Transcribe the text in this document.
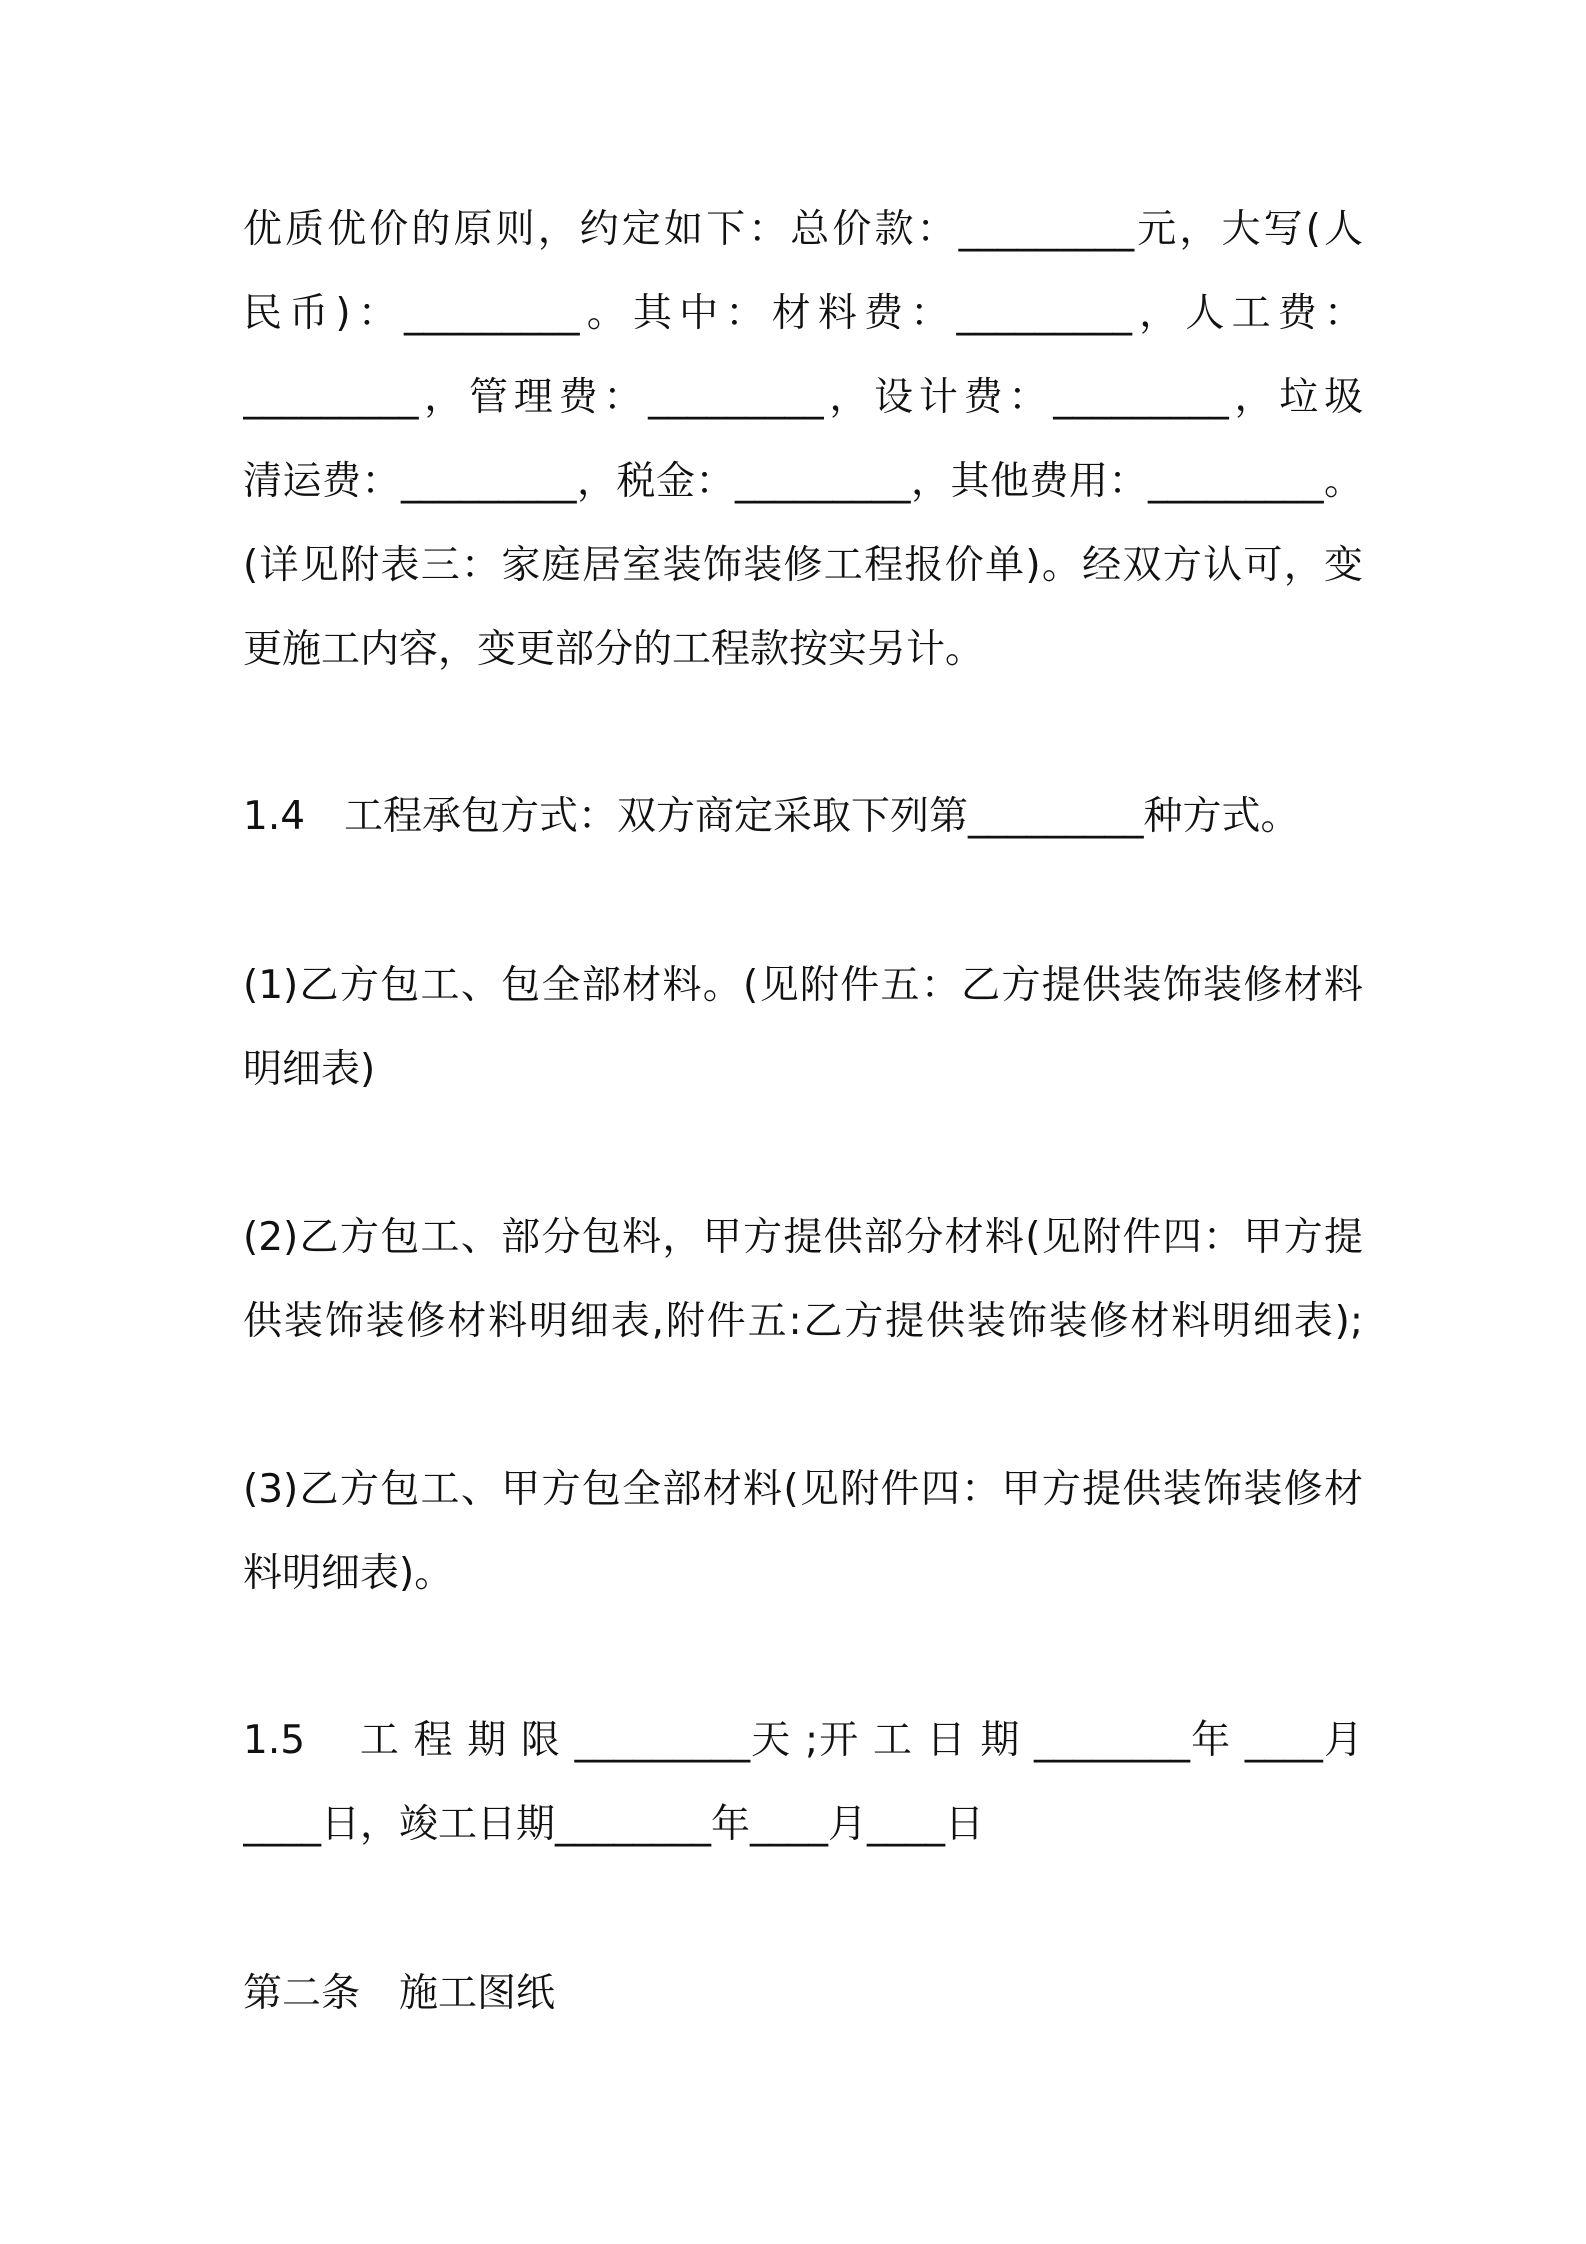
优质优价的原则，约定如下：总价款：_________元，大写(人
民币)：_________。其中：材料费：_________，人工费：
_________，管理费：_________，设计费：_________，垃圾
清运费：_________，税金：_________，其他费用：_________。
(详见附表三：家庭居室装饰装修工程报价单)。经双方认可，变
更施工内容，变更部分的工程款按实另计。
1.4　工程承包方式：双方商定采取下列第_________种方式。
(1)乙方包工、包全部材料。(见附件五：乙方提供装饰装修材料
明细表)
(2)乙方包工、部分包料，甲方提供部分材料(见附件四：甲方提
供装饰装修材料明细表,附件五:乙方提供装饰装修材料明细表);
(3)乙方包工、甲方包全部材料(见附件四：甲方提供装饰装修材
料明细表)。
1.5　 工 程 期 限 _________天 ;开 工 日 期 ________年 ____月
____日，竣工日期________年____月____日
第二条　施工图纸
